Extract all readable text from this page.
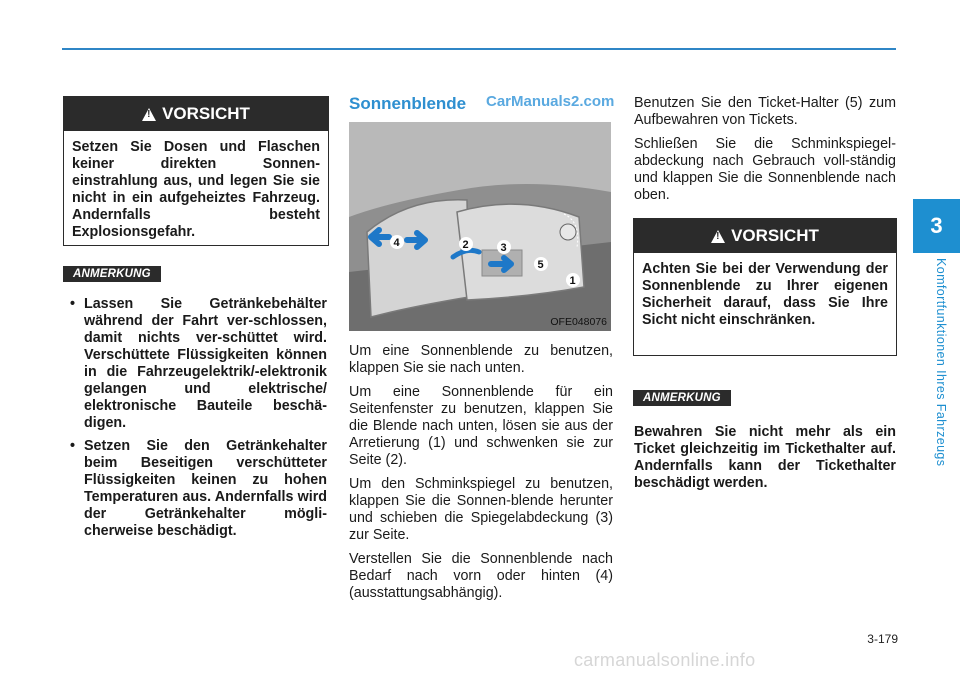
3
Komfortfunktionen Ihres Fahrzeugs
!
VORSICHT
Setzen Sie Dosen und Flaschen keiner direkten Sonnen-einstrahlung aus, und legen Sie sie nicht in ein aufgeheiztes Fahrzeug. Andernfalls besteht Explosionsgefahr.
ANMERKUNG
• Lassen Sie Getränkebehälter während der Fahrt ver-schlossen, damit nichts ver-schüttet wird. Verschüttete Flüssigkeiten können in die Fahrzeugelektrik/-elektronik gelangen und elektrische/ elektronische Bauteile beschä-digen.
• Setzen Sie den Getränkehalter beim Beseitigen verschütteter Flüssigkeiten keinen zu hohen Temperaturen aus. Andernfalls wird der Getränkehalter mögli-cherweise beschädigt.
Sonnenblende CarManuals2.com
4	2	3
5
1
OFE048076

Um eine Sonnenblende zu benutzen, klappen Sie sie nach unten.

Um eine Sonnenblende für ein Seitenfenster zu benutzen, klappen Sie die Blende nach unten, lösen sie aus der Arretierung (1) und schwenken sie zur Seite (2).

Um den Schminkspiegel zu benutzen, klappen Sie die Sonnen-blende herunter und schieben die Spiegelabdeckung (3) zur Seite.

Verstellen Sie die Sonnenblende nach Bedarf nach vorn oder hinten (4) (ausstattungsabhängig).

Benutzen Sie den Ticket-Halter (5) zum Aufbewahren von Tickets.

Schließen Sie die Schminkspiegel-abdeckung nach Gebrauch voll-ständig und klappen Sie die Sonnenblende nach oben.

!
VORSICHT
Achten Sie bei der Verwendung der Sonnenblende zu Ihrer eigenen Sicherheit darauf, dass Sie Ihre Sicht nicht einschränken.
ANMERKUNG
Bewahren Sie nicht mehr als ein Ticket gleichzeitig im Tickethalter auf. Andernfalls kann der Tickethalter beschädigt werden.
3-179
carmanualsonline.info
